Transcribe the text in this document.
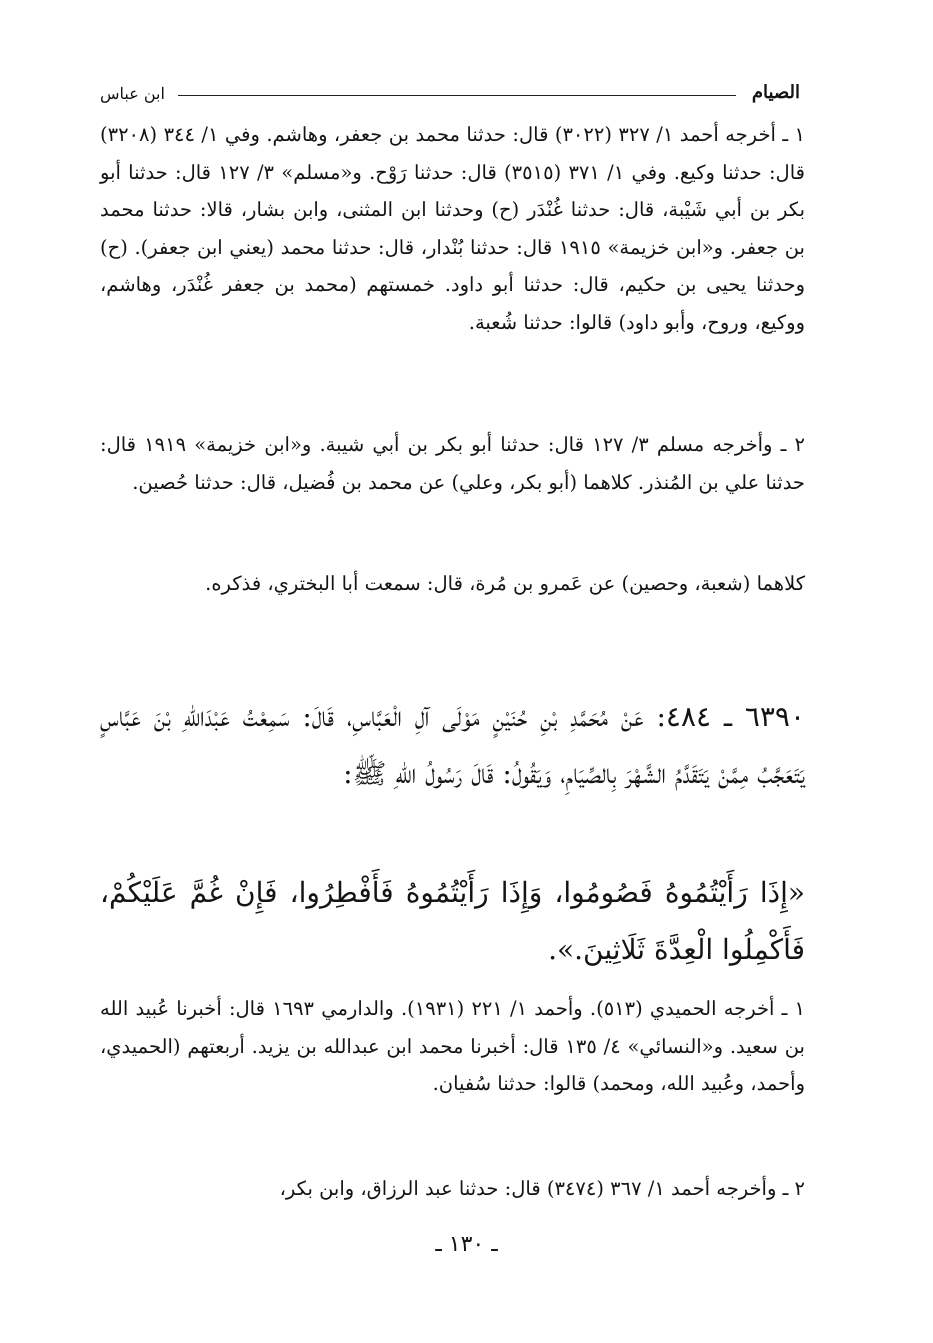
الصيام
ابن عباس

١ ـ أخرجه أحمد ١/ ٣٢٧ (٣٠٢٢) قال: حدثنا محمد بن جعفر، وهاشم. وفي ١/ ٣٤٤ (٣٢٠٨) قال: حدثنا وكيع. وفي ١/ ٣٧١ (٣٥١٥) قال: حدثنا رَوْح. و«مسلم» ٣/ ١٢٧ قال: حدثنا أبو بكر بن أبي شَيْبة، قال: حدثنا غُنْدَر (ح) وحدثنا ابن المثنى، وابن بشار، قالا: حدثنا محمد بن جعفر. و«ابن خزيمة» ١٩١٥ قال: حدثنا بُنْدار، قال: حدثنا محمد (يعني ابن جعفر). (ح) وحدثنا يحيى بن حكيم، قال: حدثنا أبو داود. خمستهم (محمد بن جعفر غُنْدَر، وهاشم، ووكيع، وروح، وأبو داود) قالوا: حدثنا شُعبة.

٢ ـ وأخرجه مسلم ٣/ ١٢٧ قال: حدثنا أبو بكر بن أبي شيبة. و«ابن خزيمة» ١٩١٩ قال: حدثنا علي بن المُنذر. كلاهما (أبو بكر، وعلي) عن محمد بن فُضيل، قال: حدثنا حُصين.

كلاهما (شعبة، وحصين) عن عَمرو بن مُرة، قال: سمعت أبا البختري، فذكره.

٦٣٩٠ ـ ٤٨٤: عَنْ مُحَمَّدِ بْنِ حُنَيْنٍ مَوْلَى آلِ الْعَبَّاسِ، قَالَ: سَمِعْتُ عَبْدَاللهِ بْنَ عَبَّاسٍ يَتَعَجَّبُ مِمَّنْ يَتَقَدَّمُ الشَّهْرَ بِالصِّيَامِ، وَيَقُولُ: قَالَ رَسُولُ اللهِ ﷺ:

«إِذَا رَأَيْتُمُوهُ فَصُومُوا، وَإِذَا رَأَيْتُمُوهُ فَأَفْطِرُوا، فَإِنْ غُمَّ عَلَيْكُمْ، فَأَكْمِلُوا الْعِدَّةَ ثَلَاثِينَ.».

١ ـ أخرجه الحميدي (٥١٣). وأحمد ١/ ٢٢١ (١٩٣١). والدارمي ١٦٩٣ قال: أخبرنا عُبيد الله بن سعيد. و«النسائي» ٤/ ١٣٥ قال: أخبرنا محمد ابن عبدالله بن يزيد. أربعتهم (الحميدي، وأحمد، وعُبيد الله، ومحمد) قالوا: حدثنا سُفيان.

٢ ـ وأخرجه أحمد ١/ ٣٦٧ (٣٤٧٤) قال: حدثنا عبد الرزاق، وابن بكر،

ـ ١٣٠ ـ
